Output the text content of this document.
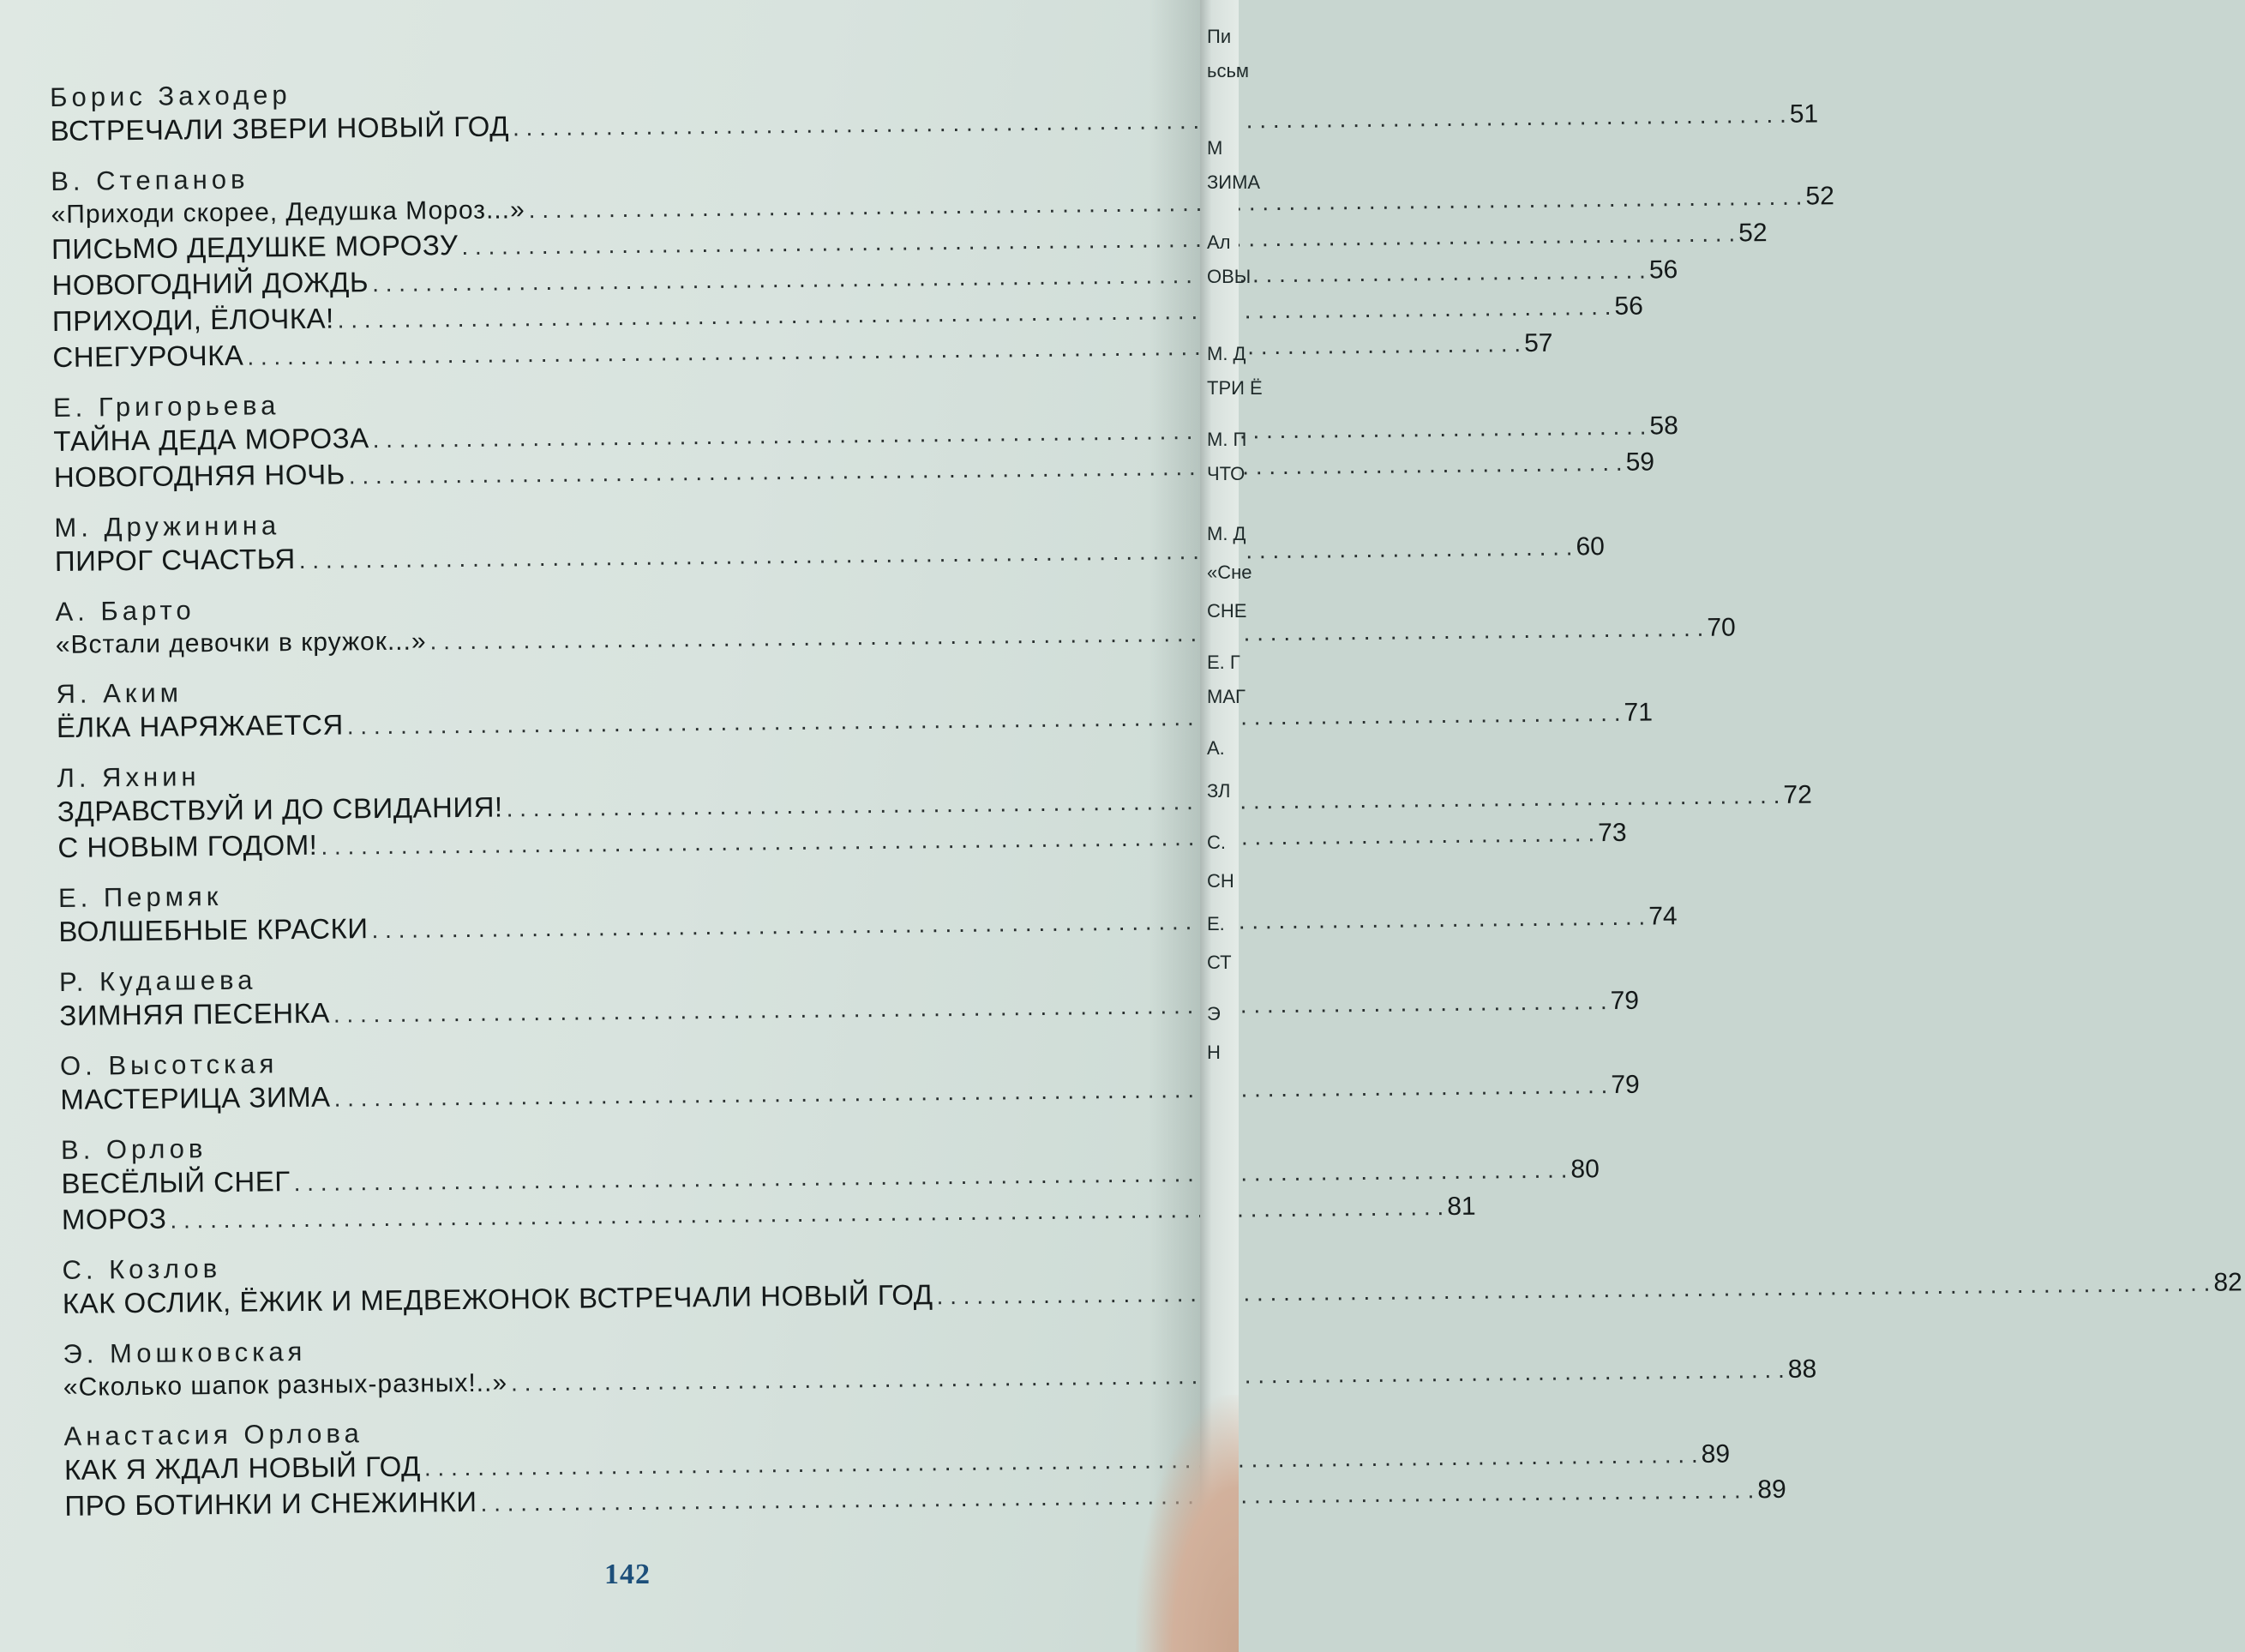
Борис Заходер
ВСТРЕЧАЛИ ЗВЕРИ НОВЫЙ ГОД . . .	51
В. Степанов
«Приходи скорее, Дедушка Мороз...» . . .	52
ПИСЬМО ДЕДУШКЕ МОРОЗУ . . .	52
НОВОГОДНИЙ ДОЖДЬ . . .	56
ПРИХОДИ, ЁЛОЧКА! . . .	56
СНЕГУРОЧКА . . .	57
Е. Григорьева
ТАЙНА ДЕДА МОРОЗА . . .	58
НОВОГОДНЯЯ НОЧЬ . . .	59
М. Дружинина
ПИРОГ СЧАСТЬЯ . . .	60
А. Барто
«Встали девочки в кружок...» . . .	70
Я. Аким
ЁЛКА НАРЯЖАЕТСЯ . . .	71
Л. Яхнин
ЗДРАВСТВУЙ И ДО СВИДАНИЯ! . . .	72
С НОВЫМ ГОДОМ! . . .	73
Е. Пермяк
ВОЛШЕБНЫЕ КРАСКИ . . .	74
Р. Кудашева
ЗИМНЯЯ ПЕСЕНКА . . .	79
О. Высотская
МАСТЕРИЦА ЗИМА . . .	79
В. Орлов
ВЕСЁЛЫЙ СНЕГ . . .	80
МОРОЗ . . .	81
С. Козлов
КАК ОСЛИК, ЁЖИК И МЕДВЕЖОНОК ВСТРЕЧАЛИ НОВЫЙ ГОД . . .	82
Э. Мошковская
«Сколько шапок разных-разных!..» . . .	88
Анастасия Орлова
КАК Я ЖДАЛ НОВЫЙ ГОД . . .	89
ПРО БОТИНКИ И СНЕЖИНКИ . . .	89
142
Н
Э
СТ
Е.
СН
С.
ЗЛ
А.
МАГ
Е. Г
СНЕ
«Сне
М. Д
ЧТО
М. П
ТРИ Ё
М. Д
ОВЫ
Ал
ЗИМА
М
ьсьм
Пи
